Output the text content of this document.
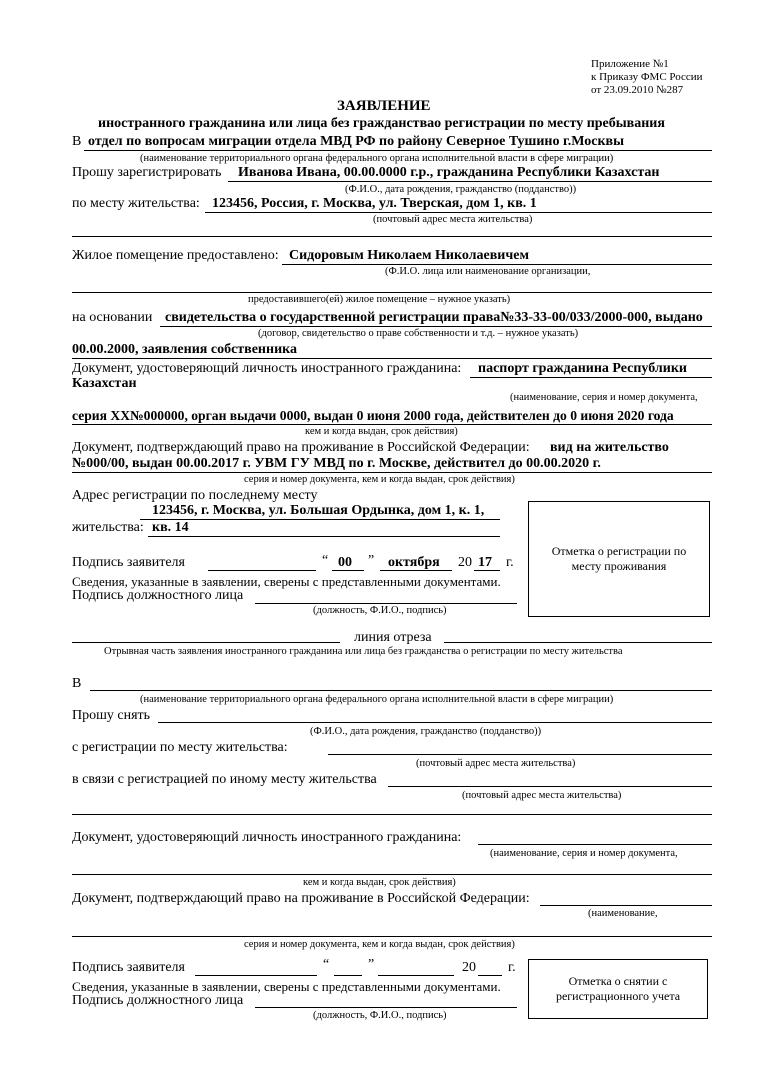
Приложение №1
к Приказу ФМС России
от 23.09.2010 №287
ЗАЯВЛЕНИЕ
иностранного гражданина или лица без гражданствао регистрации по месту пребывания
В отдел по вопросам миграции отдела МВД РФ по району Северное Тушино г.Москвы
(наименование территориального органа федерального органа исполнительной власти в сфере миграции)
Прошу зарегистрировать Иванова Ивана, 00.00.0000 г.р., гражданина Республики Казахстан
(Ф.И.О., дата рождения, гражданство (подданство))
по месту жительства: 123456, Россия, г. Москва, ул. Тверская, дом 1, кв. 1
(почтовый адрес места жительства)
Жилое помещение предоставлено: Сидоровым Николаем Николаевичем
(Ф.И.О. лица или наименование организации,
предоставившего(ей) жилое помещение – нужное указать)
на основании свидетельства о государственной регистрации права№33-33-00/033/2000-000, выдано
(договор, свидетельство о праве собственности и т.д. – нужное указать)
00.00.2000, заявления собственника
Документ, удостоверяющий личность иностранного гражданина: паспорт гражданина Республики
Казахстан
(наименование, серия и номер документа,
серия XX№000000, орган выдачи 0000, выдан 0 июня 2000 года, действителен до 0 июня 2020 года
кем и когда выдан, срок действия)
Документ, подтверждающий право на проживание в Российской Федерации: вид на жительство
№000/00, выдан 00.00.2017 г. УВМ ГУ МВД по г. Москве, действител до 00.00.2020 г.
серия и номер документа, кем и когда выдан, срок действия)
Адрес регистрации по последнему месту
123456, г. Москва, ул. Большая Ордынка, дом 1, к. 1,
жительства: кв. 14
Подпись заявителя	“ 00 ” октября 20 17 г.
Сведения, указанные в заявлении, сверены с представленными документами.
Подпись должностного лица
(должность, Ф.И.О., подпись)
Отметка о регистрации по месту проживания
линия отреза
Отрывная часть заявления иностранного гражданина или лица без гражданства о регистрации по месту жительства
В
(наименование территориального органа федерального органа исполнительной власти в сфере миграции)
Прошу снять
(Ф.И.О., дата рождения, гражданство (подданство))
с регистрации по месту жительства:
(почтовый адрес места жительства)
в связи с регистрацией по иному месту жительства
(почтовый адрес места жительства)
Документ, удостоверяющий личность иностранного гражданина:
(наименование, серия и номер документа,
кем и когда выдан, срок действия)
Документ, подтверждающий право на проживание в Российской Федерации:
(наименование,
серия и номер документа, кем и когда выдан, срок действия)
Подпись заявителя	“	”	20 г.
Сведения, указанные в заявлении, сверены с представленными документами.
Подпись должностного лица
(должность, Ф.И.О., подпись)
Отметка о снятии с регистрационного учета
